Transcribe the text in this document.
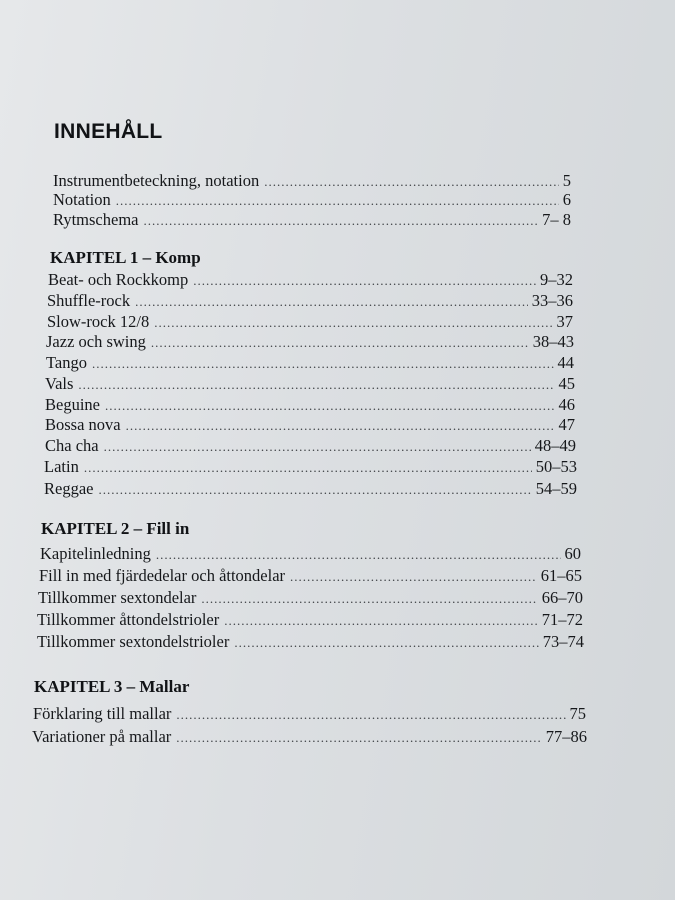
INNEHÅLL
Instrumentbeteckning, notation .....	5
Notation .....	6
Rytmschema .....	7– 8
KAPITEL 1 – Komp
Beat- och Rockkomp .....	9–32
Shuffle-rock .....	33–36
Slow-rock 12/8 .....	37
Jazz och swing .....	38–43
Tango .....	44
Vals .....	45
Beguine .....	46
Bossa nova .....	47
Cha cha .....	48–49
Latin .....	50–53
Reggae .....	54–59
KAPITEL 2 – Fill in
Kapitelinledning .....	60
Fill in med fjärdedelar och åttondelar .....	61–65
Tillkommer sextondelar .....	66–70
Tillkommer åttondelstrioler .....	71–72
Tillkommer sextondelstrioler .....	73–74
KAPITEL 3 – Mallar
Förklaring till mallar .....	75
Variationer på mallar .....	77–86
